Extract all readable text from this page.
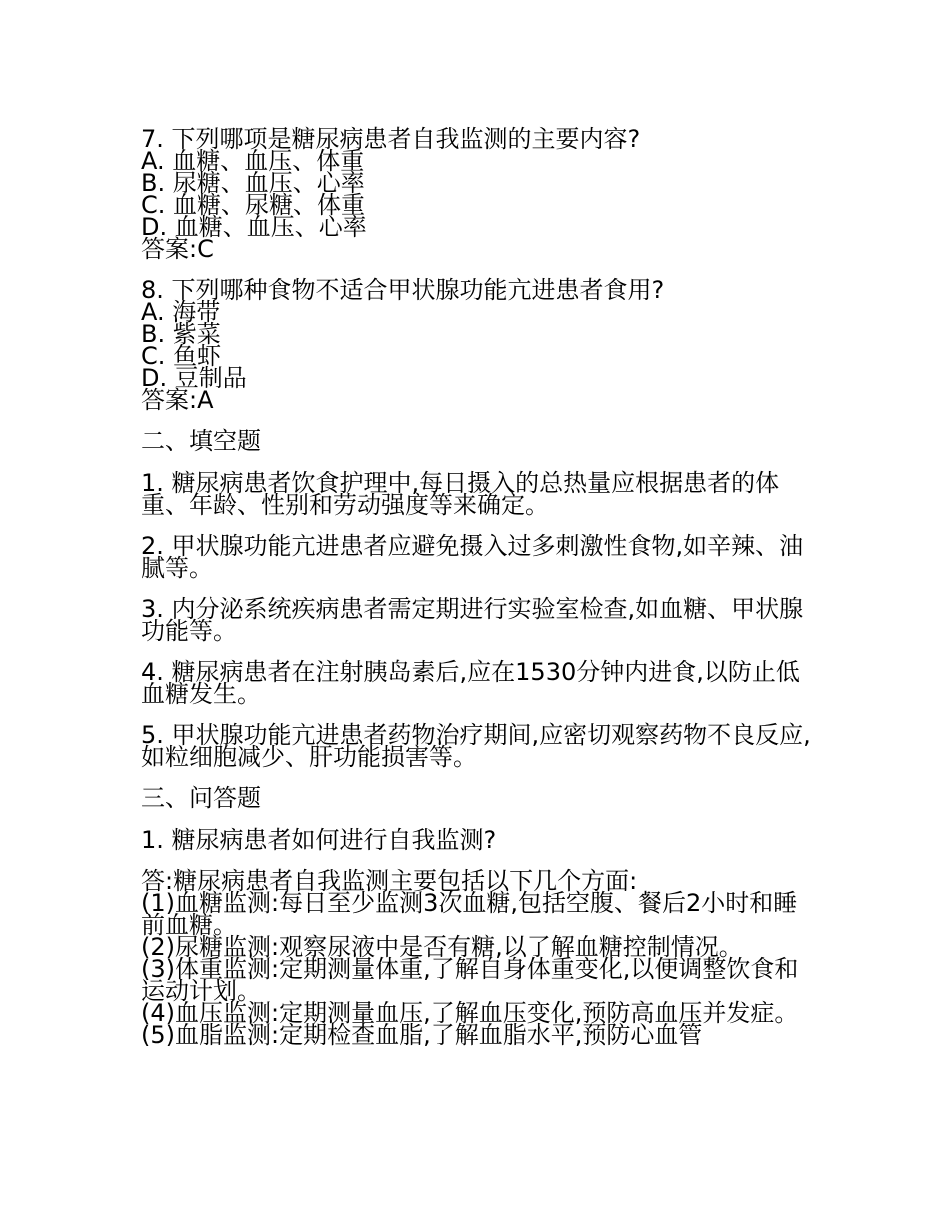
7. 下列哪项是糖尿病患者自我监测的主要内容?
A. 血糖、血压、体重
B. 尿糖、血压、心率
C. 血糖、尿糖、体重
D. 血糖、血压、心率
答案:C
8. 下列哪种食物不适合甲状腺功能亢进患者食用?
A. 海带
B. 紫菜
C. 鱼虾
D. 豆制品
答案:A
二、填空题
1. 糖尿病患者饮食护理中,每日摄入的总热量应根据患者的体重、年龄、性别和劳动强度等来确定。
2. 甲状腺功能亢进患者应避免摄入过多刺激性食物,如辛辣、油腻等。
3. 内分泌系统疾病患者需定期进行实验室检查,如血糖、甲状腺功能等。
4. 糖尿病患者在注射胰岛素后,应在1530分钟内进食,以防止低血糖发生。
5. 甲状腺功能亢进患者药物治疗期间,应密切观察药物不良反应,如粒细胞减少、肝功能损害等。
三、问答题
1. 糖尿病患者如何进行自我监测?
答:糖尿病患者自我监测主要包括以下几个方面:
(1)血糖监测:每日至少监测3次血糖,包括空腹、餐后2小时和睡前血糖。
(2)尿糖监测:观察尿液中是否有糖,以了解血糖控制情况。
(3)体重监测:定期测量体重,了解自身体重变化,以便调整饮食和运动计划。
(4)血压监测:定期测量血压,了解血压变化,预防高血压并发症。
(5)血脂监测:定期检查血脂,了解血脂水平,预防心血管
